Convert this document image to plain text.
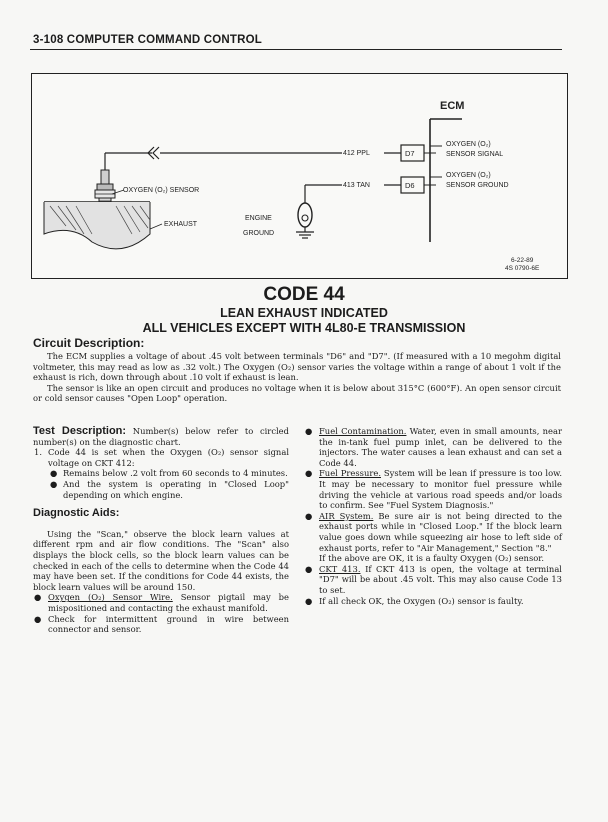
3-108 COMPUTER COMMAND CONTROL
ECM
412 PPL
413 TAN
D7
D6
OXYGEN (O₂)
SENSOR SIGNAL
OXYGEN (O₂)
SENSOR GROUND
OXYGEN (O₂) SENSOR
EXHAUST
ENGINE
GROUND
6-22-89
4S 0790-6E
CODE 44
LEAN EXHAUST INDICATED
ALL VEHICLES EXCEPT WITH 4L80-E TRANSMISSION
Circuit Description:

The ECM supplies a voltage of about .45 volt between terminals "D6" and "D7". (If measured with a 10 megohm digital voltmeter, this may read as low as .32 volt.) The Oxygen (O₂) sensor varies the voltage within a range of about 1 volt if the exhaust is rich, down through about .10 volt if exhaust is lean.

The sensor is like an open circuit and produces no voltage when it is below about 315°C (600°F). An open sensor circuit or cold sensor causes "Open Loop" operation.

Test Description: Number(s) below refer to circled number(s) on the diagnostic chart.

1. Code 44 is set when the Oxygen (O₂) sensor signal voltage on CKT 412:
● Remains below .2 volt from 60 seconds to 4 minutes.
● And the system is operating in "Closed Loop" depending on which engine.
Diagnostic Aids:

Using the "Scan," observe the block learn values at different rpm and air flow conditions. The "Scan" also displays the block cells, so the block learn values can be checked in each of the cells to determine when the Code 44 may have been set. If the conditions for Code 44 exists, the block learn values will be around 150.

● Oxygen (O₂) Sensor Wire. Sensor pigtail may be mispositioned and contacting the exhaust manifold.
● Check for intermittent ground in wire between connector and sensor.
● Fuel Contamination. Water, even in small amounts, near the in-tank fuel pump inlet, can be delivered to the injectors. The water causes a lean exhaust and can set a Code 44.
● Fuel Pressure. System will be lean if pressure is too low. It may be necessary to monitor fuel pressure while driving the vehicle at various road speeds and/or loads to confirm. See "Fuel System Diagnosis."
● AIR System. Be sure air is not being directed to the exhaust ports while in "Closed Loop." If the block learn value goes down while squeezing air hose to left side of exhaust ports, refer to "Air Management," Section "8."
If the above are OK, it is a faulty Oxygen (O₂) sensor.
● CKT 413. If CKT 413 is open, the voltage at terminal "D7" will be about .45 volt. This may also cause Code 13 to set.
● If all check OK, the Oxygen (O₂) sensor is faulty.
